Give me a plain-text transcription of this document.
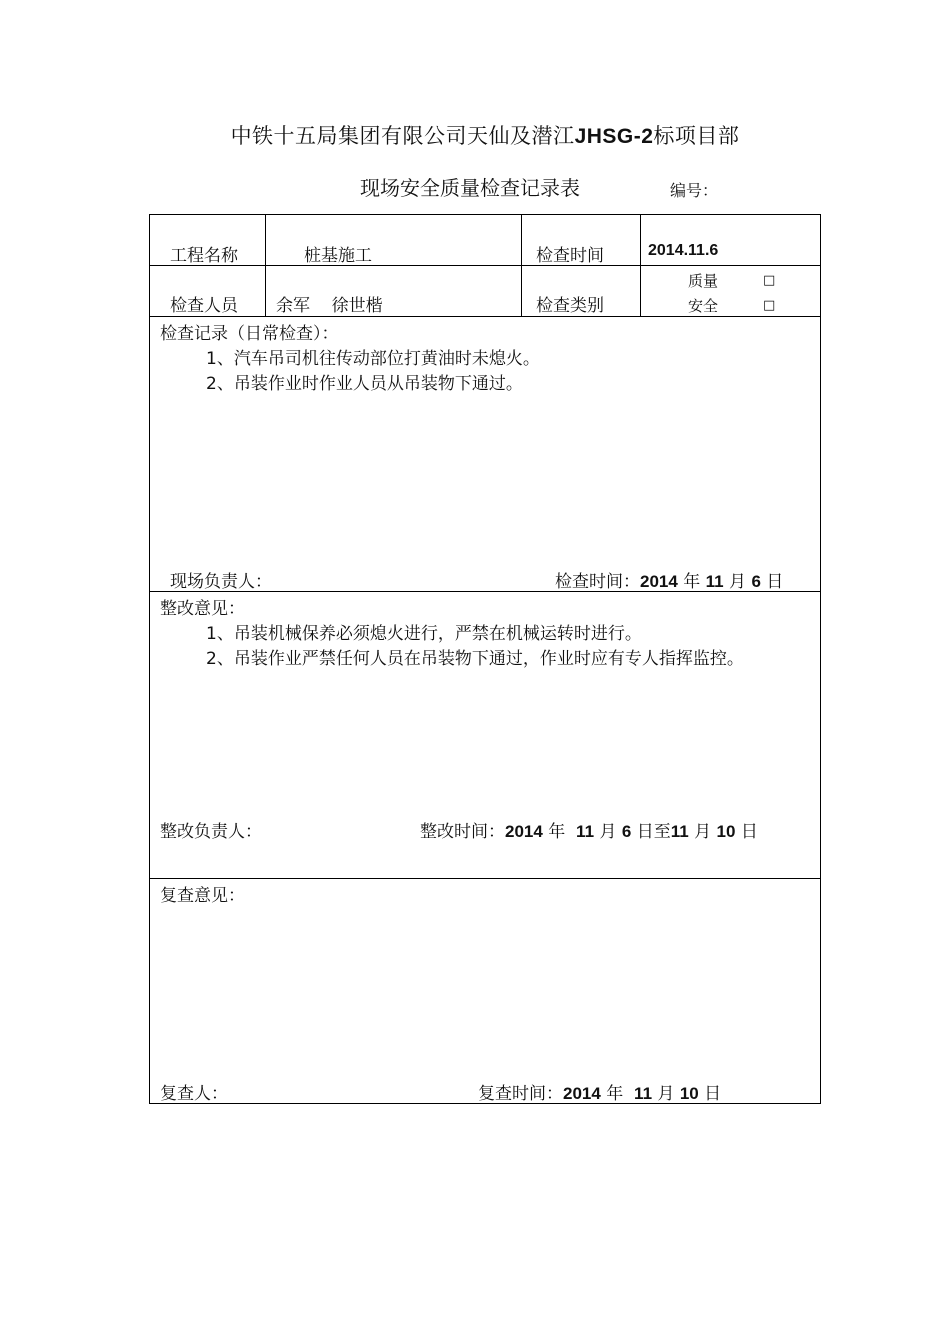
中铁十五局集团有限公司天仙及潜江JHSG-2标项目部
现场安全质量检查记录表	编号：
工程名称	桩基施工	检查时间	2014.11.6
检查人员 余军    徐世楷	检查类别
质量	□
安全	□
检查记录（日常检查）：
1、汽车吊司机往传动部位打黄油时未熄火。
2、吊装作业时作业人员从吊装物下通过。
现场负责人：	检查时间：2014 年 11 月 6 日
整改意见：
1、吊装机械保养必须熄火进行，严禁在机械运转时进行。
2、吊装作业严禁任何人员在吊装物下通过，作业时应有专人指挥监控。
整改负责人：	整改时间：2014 年 11 月 6 日至11 月 10 日
复查意见：
复查人：	复查时间：2014 年 11 月 10 日
